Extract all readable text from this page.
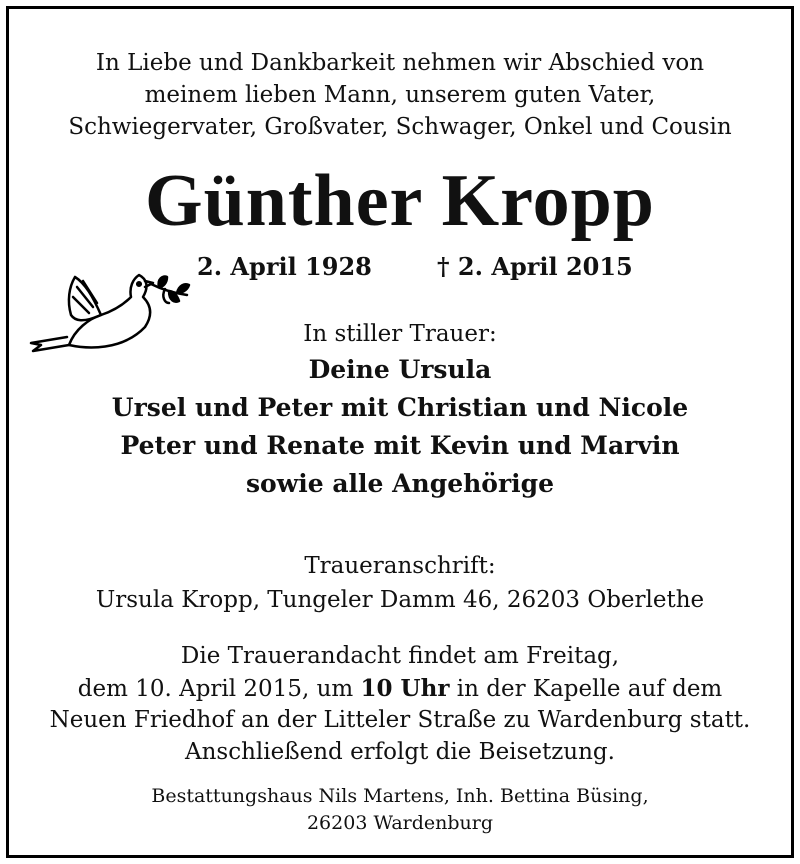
In Liebe und Dankbarkeit nehmen wir Abschied von
meinem lieben Mann, unserem guten Vater,
Schwiegervater, Großvater, Schwager, Onkel und Cousin
Günther Kropp
2. April 1928	† 2. April 2015
In stiller Trauer:
Deine Ursula
Ursel und Peter mit Christian und Nicole
Peter und Renate mit Kevin und Marvin
sowie alle Angehörige
Traueranschrift:
Ursula Kropp, Tungeler Damm 46, 26203 Oberlethe
Die Trauerandacht findet am Freitag,
dem 10. April 2015, um 10 Uhr in der Kapelle auf dem
Neuen Friedhof an der Litteler Straße zu Wardenburg statt.
Anschließend erfolgt die Beisetzung.
Bestattungshaus Nils Martens, Inh. Bettina Büsing,
26203 Wardenburg
